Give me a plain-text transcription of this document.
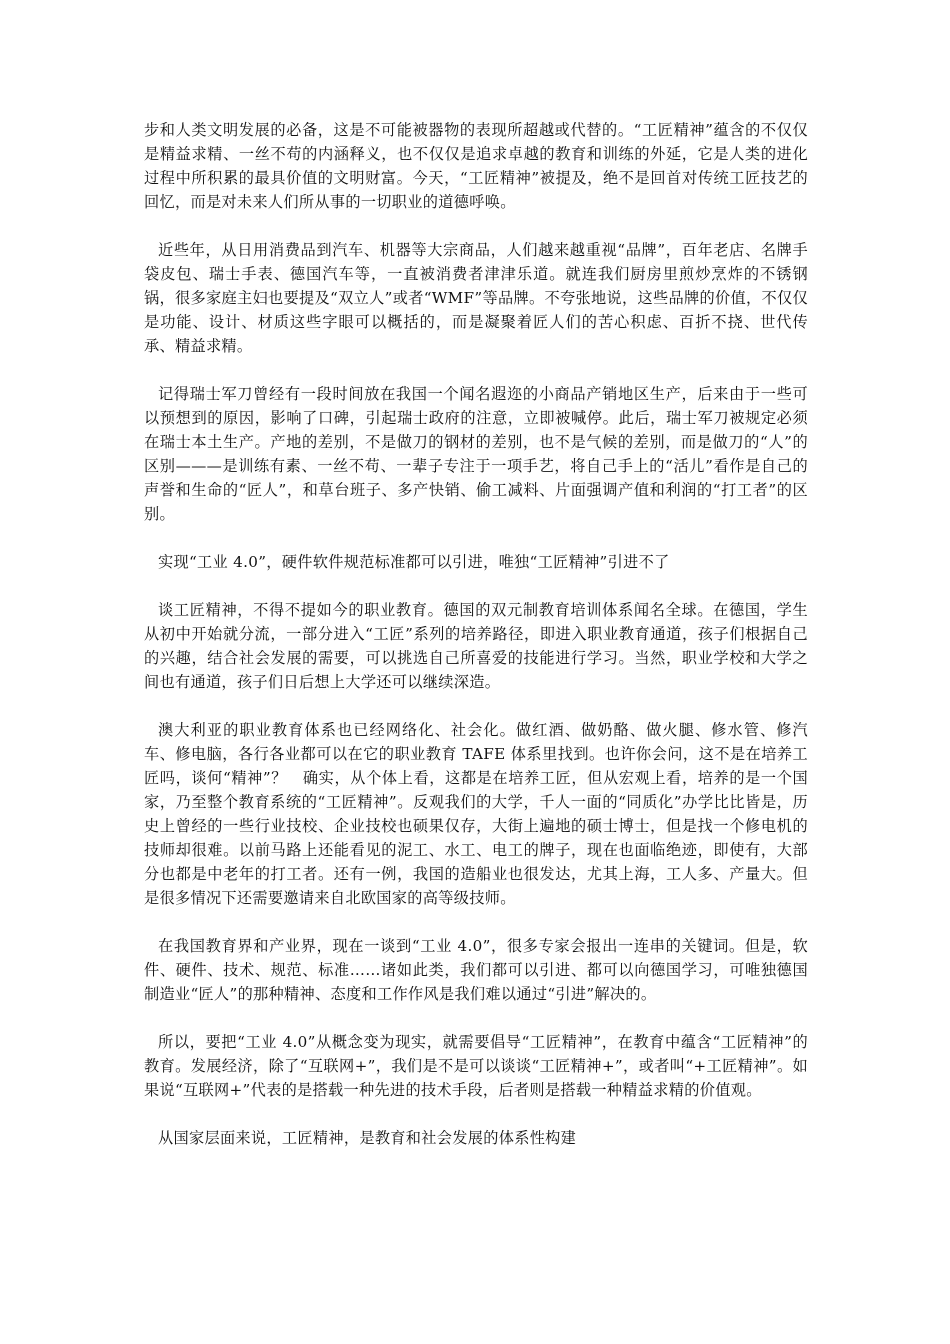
步和人类文明发展的必备，这是不可能被器物的表现所超越或代替的。“工匠精神”蕴含的不仅仅是精益求精、一丝不苟的内涵释义，也不仅仅是追求卓越的教育和训练的外延，它是人类的进化过程中所积累的最具价值的文明财富。今天，“工匠精神”被提及，绝不是回首对传统工匠技艺的回忆，而是对未来人们所从事的一切职业的道德呼唤。

近些年，从日用消费品到汽车、机器等大宗商品，人们越来越重视“品牌”，百年老店、名牌手袋皮包、瑞士手表、德国汽车等，一直被消费者津津乐道。就连我们厨房里煎炒烹炸的不锈钢锅，很多家庭主妇也要提及“双立人”或者“WMF”等品牌。不夸张地说，这些品牌的价值，不仅仅是功能、设计、材质这些字眼可以概括的，而是凝聚着匠人们的苦心积虑、百折不挠、世代传承、精益求精。

记得瑞士军刀曾经有一段时间放在我国一个闻名遐迩的小商品产销地区生产，后来由于一些可以预想到的原因，影响了口碑，引起瑞士政府的注意，立即被喊停。此后，瑞士军刀被规定必须在瑞士本土生产。产地的差别，不是做刀的钢材的差别，也不是气候的差别，而是做刀的“人”的区别———是训练有素、一丝不苟、一辈子专注于一项手艺，将自己手上的“活儿”看作是自己的声誉和生命的“匠人”，和草台班子、多产快销、偷工减料、片面强调产值和利润的“打工者”的区别。

实现“工业 4.0”，硬件软件规范标准都可以引进，唯独“工匠精神”引进不了

谈工匠精神，不得不提如今的职业教育。德国的双元制教育培训体系闻名全球。在德国，学生从初中开始就分流，一部分进入“工匠”系列的培养路径，即进入职业教育通道，孩子们根据自己的兴趣，结合社会发展的需要，可以挑选自己所喜爱的技能进行学习。当然，职业学校和大学之间也有通道，孩子们日后想上大学还可以继续深造。

澳大利亚的职业教育体系也已经网络化、社会化。做红酒、做奶酪、做火腿、修水管、修汽车、修电脑，各行各业都可以在它的职业教育 TAFE 体系里找到。也许你会问，这不是在培养工匠吗，谈何“精神”？　确实，从个体上看，这都是在培养工匠，但从宏观上看，培养的是一个国家，乃至整个教育系统的“工匠精神”。反观我们的大学，千人一面的“同质化”办学比比皆是，历史上曾经的一些行业技校、企业技校也硕果仅存，大街上遍地的硕士博士，但是找一个修电机的技师却很难。以前马路上还能看见的泥工、水工、电工的牌子，现在也面临绝迹，即使有，大部分也都是中老年的打工者。还有一例，我国的造船业也很发达，尤其上海，工人多、产量大。但是很多情况下还需要邀请来自北欧国家的高等级技师。

在我国教育界和产业界，现在一谈到“工业 4.0”，很多专家会报出一连串的关键词。但是，软件、硬件、技术、规范、标准……诸如此类，我们都可以引进、都可以向德国学习，可唯独德国制造业“匠人”的那种精神、态度和工作作风是我们难以通过“引进”解决的。

所以，要把“工业 4.0”从概念变为现实，就需要倡导“工匠精神”，在教育中蕴含“工匠精神”的教育。发展经济，除了“互联网+”，我们是不是可以谈谈“工匠精神+”，或者叫“+工匠精神”。如果说“互联网+”代表的是搭载一种先进的技术手段，后者则是搭载一种精益求精的价值观。

从国家层面来说，工匠精神，是教育和社会发展的体系性构建
